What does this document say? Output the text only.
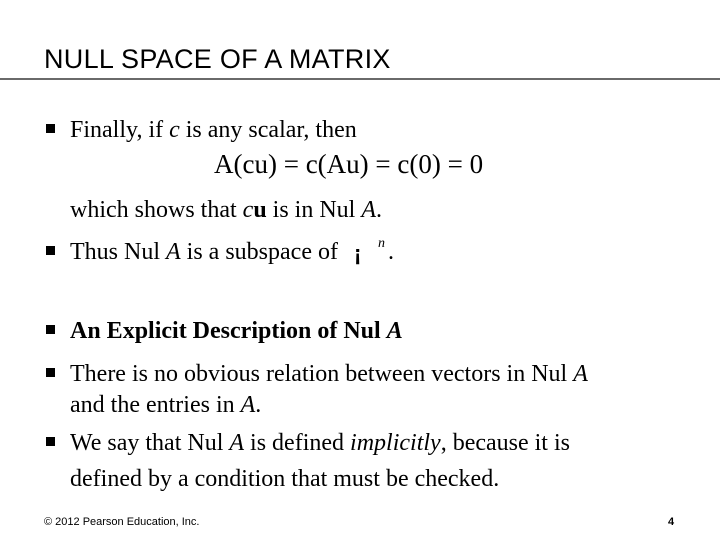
NULL SPACE OF A MATRIX
Finally, if c is any scalar, then
A(cu) = c(Au) = c(0) = 0
which shows that cu is in Nul A.
Thus Nul A is a subspace of ¡ n .
An Explicit Description of Nul A
There is no obvious relation between vectors in Nul A
and the entries in A.
We say that Nul A is defined implicitly, because it is
defined by a condition that must be checked.
© 2012 Pearson Education, Inc.	4
